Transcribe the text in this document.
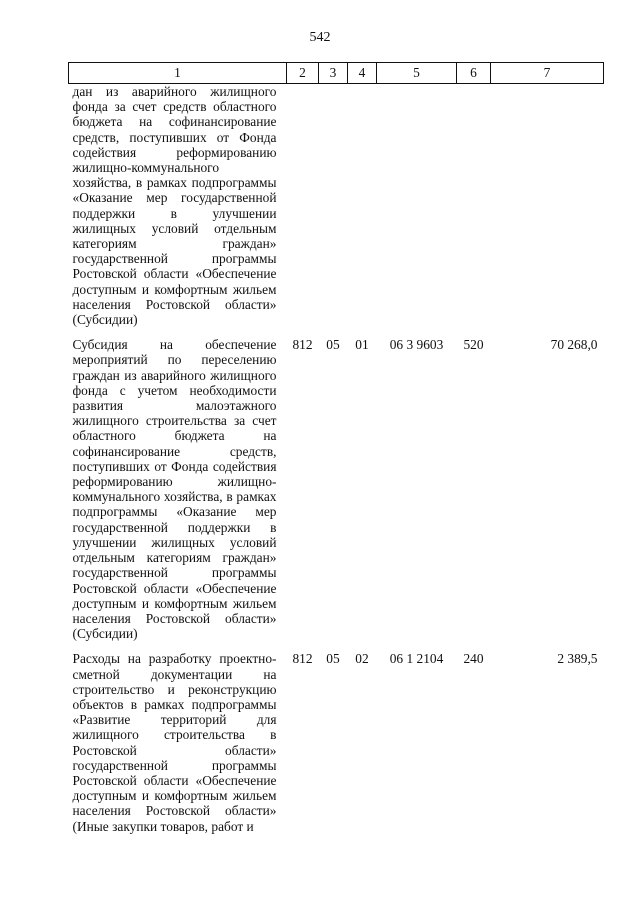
542
1	2	3	4	5	6	7
дан из аварийного жилищного фонда за счет средств областного бюджета на софинансирование средств, поступивших от Фонда содействия реформированию жилищно-коммунального хозяйства, в рамках подпрограммы «Оказание мер государственной поддержки в улучшении жилищных условий отдельным категориям граждан» государственной программы Ростовской области «Обеспечение доступным и комфортным жильем населения Ростовской области» (Субсидии)						
Субсидия на обеспечение мероприятий по переселению граждан из аварийного жилищного фонда с учетом необходимости развития малоэтажного жилищного строительства за счет областного бюджета на софинансирование средств, поступивших от Фонда содействия реформированию жилищно-коммунального хозяйства, в рамках подпрограммы «Оказание мер государственной поддержки в улучшении жилищных условий отдельным категориям граждан» государственной программы Ростовской области «Обеспечение доступным и комфортным жильем населения Ростовской области» (Субсидии)	812	05	01	06 3 9603	520	70 268,0
Расходы на разработку проектно-сметной документации на строительство и реконструкцию объектов в рамках подпрограммы «Развитие территорий для жилищного строительства в Ростовской области» государственной программы Ростовской области «Обеспечение доступным и комфортным жильем населения Ростовской области» (Иные закупки товаров, работ и	812	05	02	06 1 2104	240	2 389,5
